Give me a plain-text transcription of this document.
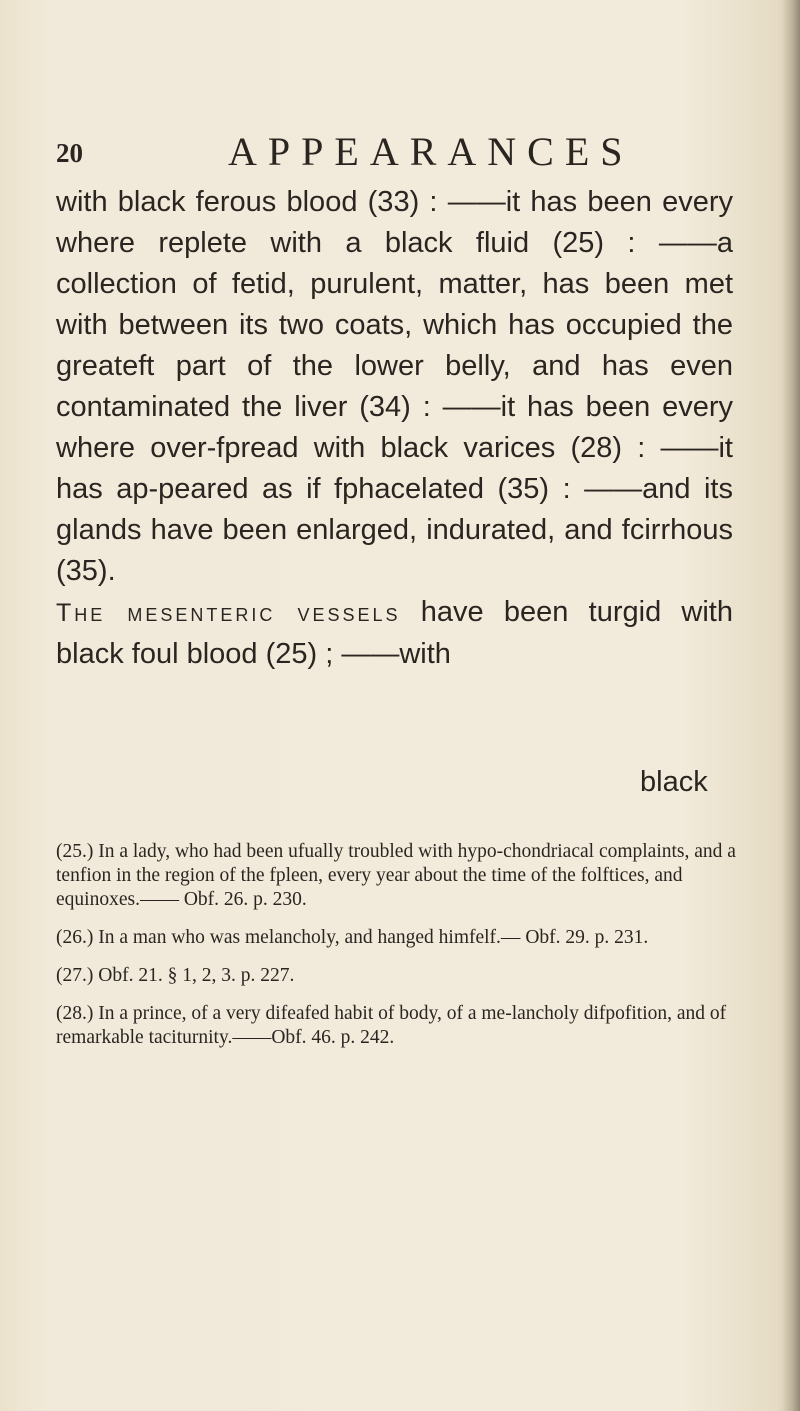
20	APPEARANCES

with black ferous blood (33) : ——it has been every where replete with a black fluid (25) : ——a collection of fetid, purulent, matter, has been met with between its two coats, which has occupied the greateft part of the lower belly, and has even contaminated the liver (34) : ——it has been every where over-fpread with black varices (28) : ——it has ap-peared as if fphacelated (35) : ——and its glands have been enlarged, indurated, and fcirrhous (35).

The mesenteric vessels have been turgid with black foul blood (25) ; ——with

black

(25.) In a lady, who had been ufually troubled with hypo-chondriacal complaints, and a tenfion in the region of the fpleen, every year about the time of the folftices, and equinoxes.—— Obf. 26. p. 230.

(26.) In a man who was melancholy, and hanged himfelf.— Obf. 29. p. 231.

(27.) Obf. 21. § 1, 2, 3. p. 227.

(28.) In a prince, of a very difeafed habit of body, of a me-lancholy difpofition, and of remarkable taciturnity.——Obf. 46. p. 242.
